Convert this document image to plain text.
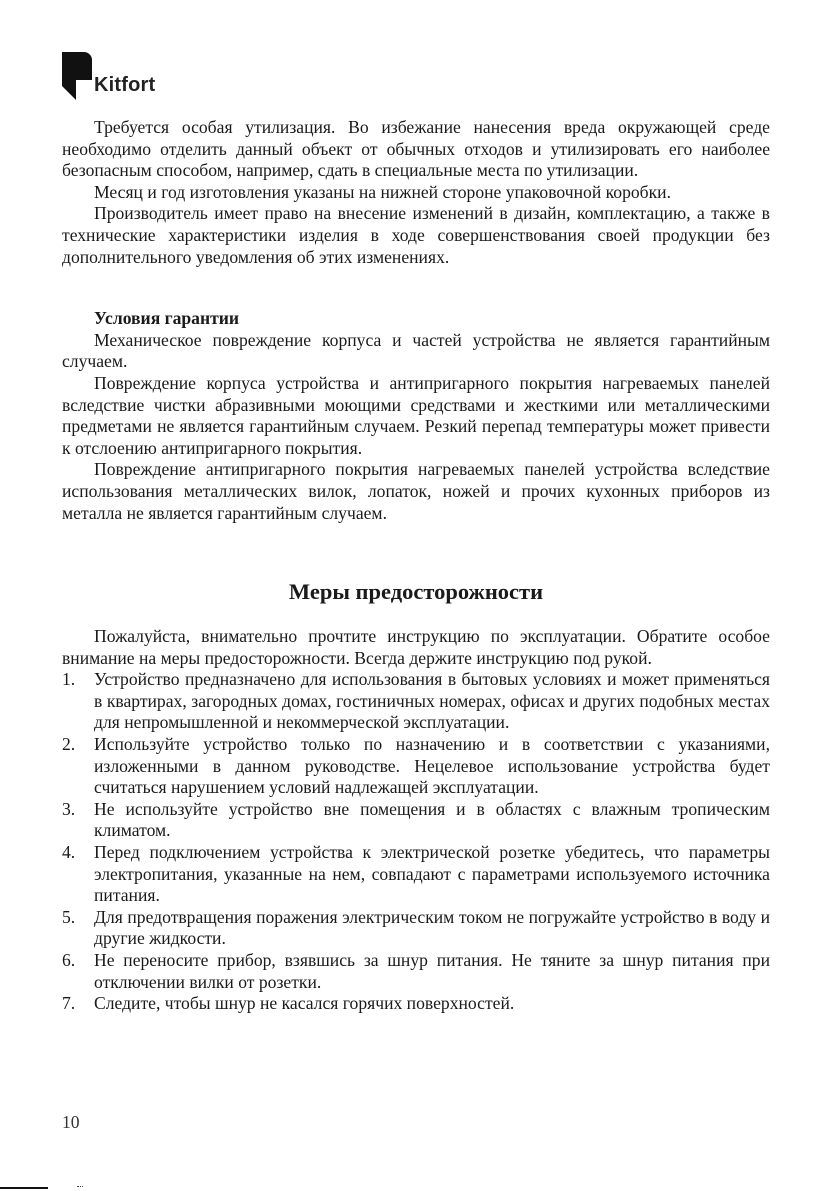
Kitfort

Требуется особая утилизация. Во избежание нанесения вреда окружающей среде необходимо отделить данный объект от обычных отходов и утилизировать его наиболее безопасным способом, например, сдать в специальные места по утилизации.

Месяц и год изготовления указаны на нижней стороне упаковочной коробки.

Производитель имеет право на внесение изменений в дизайн, комплектацию, а также в технические характеристики изделия в ходе совершенствования своей продукции без дополнительного уведомления об этих изменениях.

Условия гарантии

Механическое повреждение корпуса и частей устройства не является гарантийным случаем.

Повреждение корпуса устройства и антипригарного покрытия нагреваемых панелей вследствие чистки абразивными моющими средствами и жесткими или металлическими предметами не является гарантийным случаем. Резкий перепад температуры может привести к отслоению антипригарного покрытия.

Повреждение антипригарного покрытия нагреваемых панелей устройства вследствие использования металлических вилок, лопаток, ножей и прочих кухонных приборов из металла не является гарантийным случаем.

Меры предосторожности

Пожалуйста, внимательно прочтите инструкцию по эксплуатации. Обратите особое внимание на меры предосторожности. Всегда держите инструкцию под рукой.

1. Устройство предназначено для использования в бытовых условиях и может применяться в квартирах, загородных домах, гостиничных номерах, офисах и других подобных местах для непромышленной и некоммерческой эксплуатации.
2. Используйте устройство только по назначению и в соответствии с указаниями, изложенными в данном руководстве. Нецелевое использование устройства будет считаться нарушением условий надлежащей эксплуатации.
3. Не используйте устройство вне помещения и в областях с влажным тропическим климатом.
4. Перед подключением устройства к электрической розетке убедитесь, что параметры электропитания, указанные на нем, совпадают с параметрами используемого источника питания.
5. Для предотвращения поражения электрическим током не погружайте устройство в воду и другие жидкости.
6. Не переносите прибор, взявшись за шнур питания. Не тяните за шнур питания при отключении вилки от розетки.
7. Следите, чтобы шнур не касался горячих поверхностей.
10
